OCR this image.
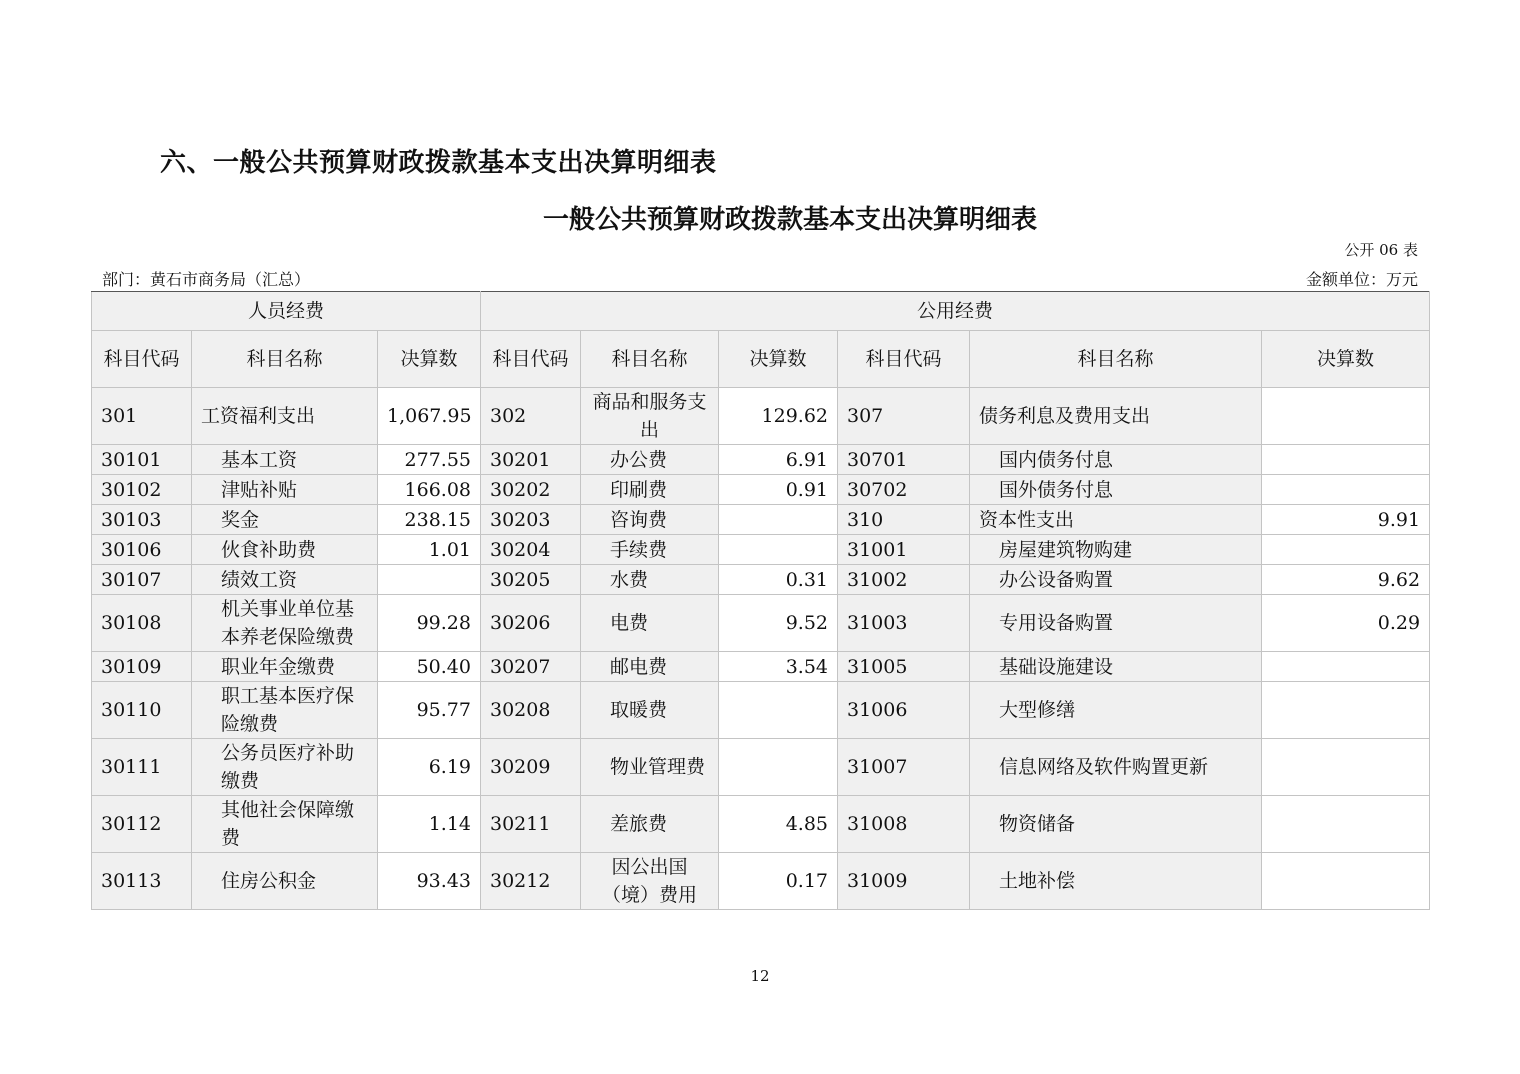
六、一般公共预算财政拨款基本支出决算明细表
一般公共预算财政拨款基本支出决算明细表
公开 06 表
部门：黄石市商务局（汇总）	金额单位：万元
人员经费			公用经费					
科目代码	科目名称	决算数	科目代码	科目名称	决算数	科目代码	科目名称	决算数
301	工资福利支出	1,067.95	302	商品和服务支出	129.62	307	债务利息及费用支出	
30101	基本工资	277.55	30201	办公费	6.91	30701	国内债务付息	
30102	津贴补贴	166.08	30202	印刷费	0.91	30702	国外债务付息	
30103	奖金	238.15	30203	咨询费		310	资本性支出	9.91
30106	伙食补助费	1.01	30204	手续费		31001	房屋建筑物购建	
30107	绩效工资		30205	水费	0.31	31002	办公设备购置	9.62
30108	机关事业单位基本养老保险缴费	99.28	30206	电费	9.52	31003	专用设备购置	0.29
30109	职业年金缴费	50.40	30207	邮电费	3.54	31005	基础设施建设	
30110	职工基本医疗保险缴费	95.77	30208	取暖费		31006	大型修缮	
30111	公务员医疗补助缴费	6.19	30209	物业管理费		31007	信息网络及软件购置更新	
30112	其他社会保障缴费	1.14	30211	差旅费	4.85	31008	物资储备	
30113	住房公积金	93.43	30212	因公出国（境）费用	0.17	31009	土地补偿	
12
